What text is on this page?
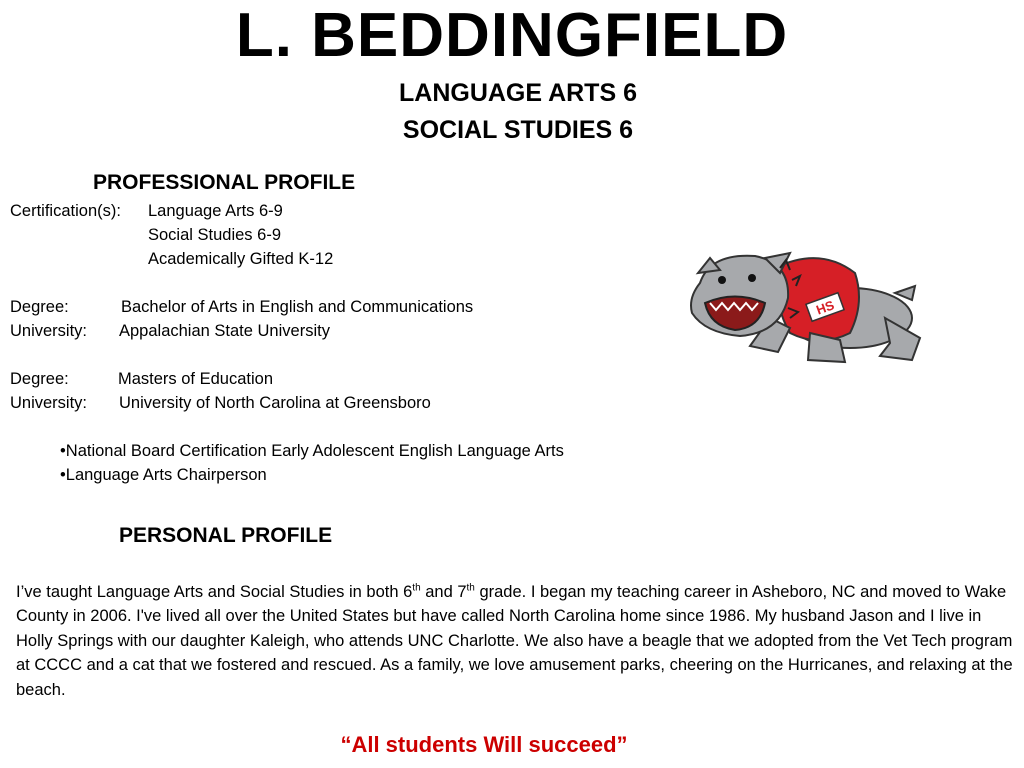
L. BEDDINGFIELD
LANGUAGE ARTS 6
SOCIAL STUDIES 6
PROFESSIONAL PROFILE
Certification(s): Language Arts 6-9
Social Studies 6-9
Academically Gifted K-12
Degree:	Bachelor of Arts in English and Communications
University: Appalachian State University
Degree:	Masters of Education
University: University of North Carolina at Greensboro
•National Board Certification Early Adolescent English Language Arts
•Language Arts Chairperson
PERSONAL PROFILE
I’ve taught Language Arts and Social Studies in both 6th and 7th grade. I began my teaching career in Asheboro, NC and moved to Wake County in 2006. I've lived all over the United States but have called North Carolina home since 1986. My husband Jason and I live in Holly Springs with our daughter Kaleigh, who attends UNC Charlotte. We also have a beagle that we adopted from the Vet Tech program at CCCC and a cat that we fostered and rescued. As a family, we love amusement parks, cheering on the Hurricanes, and relaxing at the beach.
“All students Will succeed”
HS
